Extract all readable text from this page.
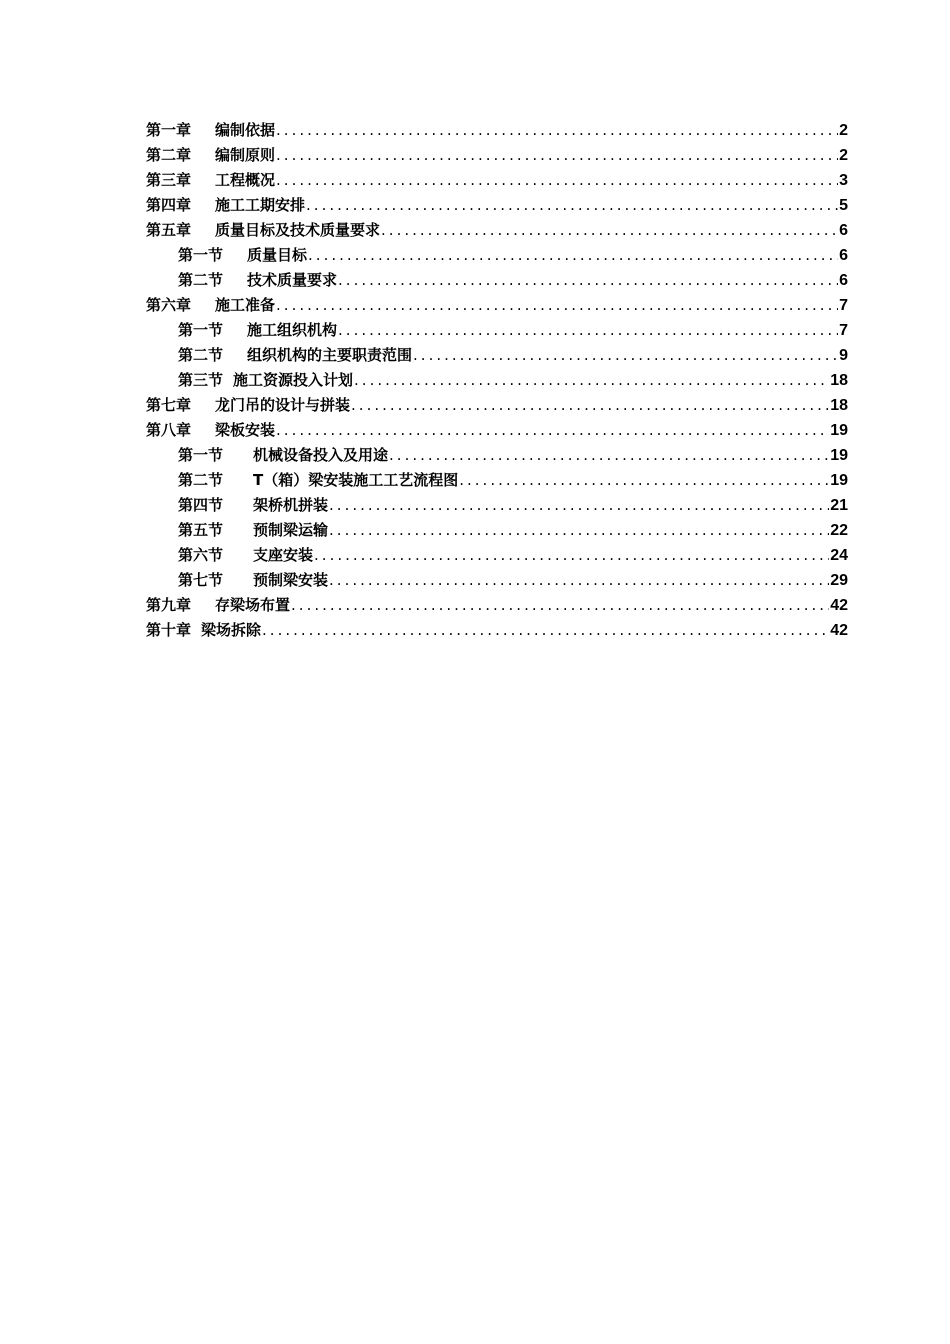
第一章	编制依据 .....	2
第二章	编制原则 .....	2
第三章	工程概况 .....	3
第四章	施工工期安排 .....	5
第五章	质量目标及技术质量要求 .....	6
第一节	质量目标 .....	6
第二节	技术质量要求 .....	6
第六章	施工准备 .....	7
第一节	施工组织机构 .....	7
第二节	组织机构的主要职责范围 .....	9
第三节 施工资源投入计划 .....	18
第七章	龙门吊的设计与拼装 .....	18
第八章	梁板安装 .....	19
第一节	机械设备投入及用途 .....	19
第二节	T（箱）梁安装施工工艺流程图 .....	19
第四节	架桥机拼装 .....	21
第五节	预制梁运输 .....	22
第六节	支座安装 .....	24
第七节	预制梁安装 .....	29
第九章	存梁场布置 .....	42
第十章 梁场拆除 .....	42
